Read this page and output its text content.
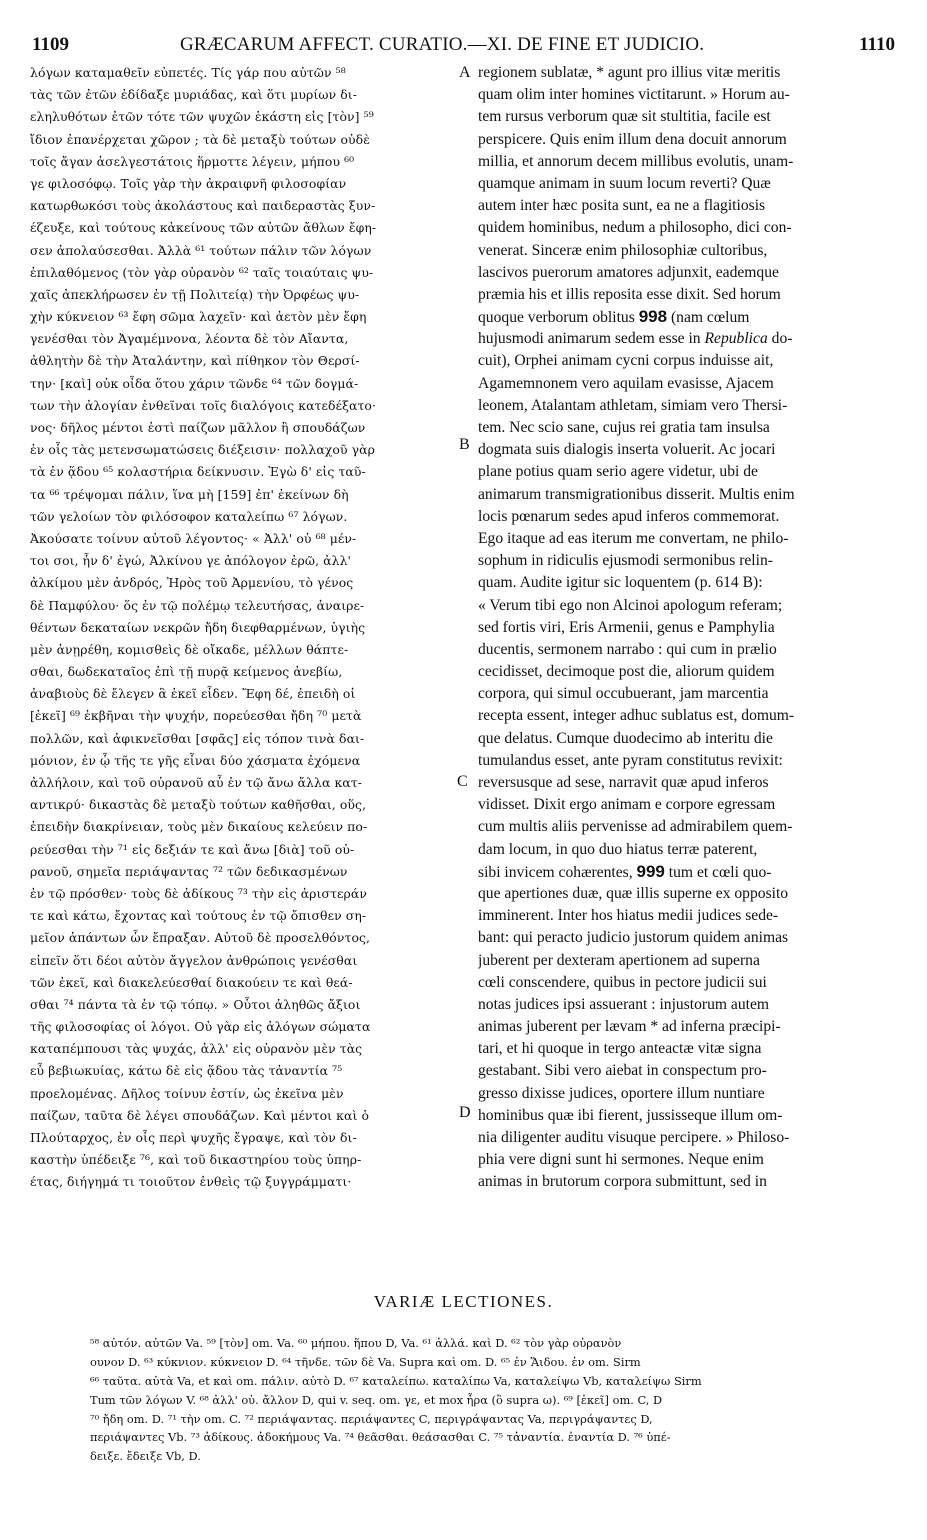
1109	GRÆCARUM AFFECT. CURATIO.—XI. DE FINE ET JUDICIO.	1110
λόγων καταμαθεῖν εὐπετές. Τίς γάρ που αὐτῶν ⁵⁸
τὰς τῶν ἐτῶν ἐδίδαξε μυριάδας, καὶ ὅτι μυρίων δι-
εληλυθότων ἐτῶν τότε τῶν ψυχῶν ἑκάστη εἰς [τὸν] ⁵⁹
ἴδιον ἐπανέρχεται χῶρον ; τὰ δὲ μεταξὺ τούτων οὐδὲ
τοῖς ἄγαν ἀσελγεστάτοις ἥρμοττε λέγειν, μήπου ⁶⁰
γε φιλοσόφῳ. Τοῖς γὰρ τὴν ἀκραιφνῆ φιλοσοφίαν
κατωρθωκόσι τοὺς ἀκολάστους καὶ παιδεραστὰς ξυν-
έζευξε, καὶ τούτους κἀκείνους τῶν αὐτῶν ἄθλων ἔφη-
σεν ἀπολαύσεσθαι. Ἀλλὰ ⁶¹ τούτων πάλιν τῶν λόγων
ἐπιλαθόμενος (τὸν γὰρ οὐρανὸν ⁶² ταῖς τοιαύταις ψυ-
χαῖς ἀπεκλήρωσεν ἐν τῇ Πολιτείᾳ) τὴν Ὀρφέως ψυ-
χὴν κύκνειον ⁶³ ἔφη σῶμα λαχεῖν· καὶ ἀετὸν μὲν ἔφη
γενέσθαι τὸν Ἀγαμέμνονα, λέοντα δὲ τὸν Αἴαντα,
ἀθλητὴν δὲ τὴν Ἀταλάντην, καὶ πίθηκον τὸν Θερσί-
την· [καὶ] οὐκ οἶδα ὅτου χάριν τῶνδε ⁶⁴ τῶν δογμά-
των τὴν ἀλογίαν ἐνθεῖναι τοῖς διαλόγοις κατεδέξατο·
νος· δῆλος μέντοι ἐστὶ παίζων μᾶλλον ἢ σπουδάζων
ἐν οἷς τὰς μετενσωματώσεις διέξεισιν· πολλαχοῦ γὰρ
τὰ ἐν ᾅδου ⁶⁵ κολαστήρια δείκνυσιν. Ἐγὼ δ' εἰς ταῦ-
τα ⁶⁶ τρέψομαι πάλιν, ἵνα μὴ [159] ἐπ' ἐκείνων δὴ
τῶν γελοίων τὸν φιλόσοφον καταλείπω ⁶⁷ λόγων.
Ἀκούσατε τοίνυν αὐτοῦ λέγοντος· « Ἀλλ' οὐ ⁶⁸ μέν-
τοι σοι, ἦν δ' ἐγώ, Ἀλκίνου γε ἀπόλογον ἐρῶ, ἀλλ'
ἀλκίμου μὲν ἀνδρός, Ἠρὸς τοῦ Ἀρμενίου, τὸ γένος
δὲ Παμφύλου· ὅς ἐν τῷ πολέμῳ τελευτήσας, ἀναιρε-
θέντων δεκαταίων νεκρῶν ἤδη διεφθαρμένων, ὑγιὴς
μὲν ἀνῃρέθη, κομισθεὶς δὲ οἴκαδε, μέλλων θάπτε-
σθαι, δωδεκαταῖος ἐπὶ τῇ πυρᾷ κείμενος ἀνεβίω,
ἀναβιοὺς δὲ ἔλεγεν ἃ ἐκεῖ εἶδεν. Ἔφη δέ, ἐπειδὴ οἱ
[ἐκεῖ] ⁶⁹ ἐκβῆναι τὴν ψυχήν, πορεύεσθαι ἤδη ⁷⁰ μετὰ
πολλῶν, καὶ ἀφικνεῖσθαι [σφᾶς] εἰς τόπον τινὰ δαι-
μόνιον, ἐν ᾧ τῆς τε γῆς εἶναι δύο χάσματα ἐχόμενα
ἀλλήλοιν, καὶ τοῦ οὐρανοῦ αὖ ἐν τῷ ἄνω ἄλλα κατ-
αντικρύ· δικαστὰς δὲ μεταξὺ τούτων καθῆσθαι, οὕς,
ἐπειδὴν διακρίνειαν, τοὺς μὲν δικαίους κελεύειν πο-
ρεύεσθαι τὴν ⁷¹ εἰς δεξιάν τε καὶ ἄνω [διὰ] τοῦ οὐ-
ρανοῦ, σημεῖα περιάψαντας ⁷² τῶν δεδικασμένων
ἐν τῷ πρόσθεν· τοὺς δὲ ἀδίκους ⁷³ τὴν εἰς ἀριστεράν
τε καὶ κάτω, ἔχοντας καὶ τούτους ἐν τῷ ὄπισθεν ση-
μεῖον ἁπάντων ὧν ἔπραξαν. Αὐτοῦ δὲ προσελθόντος,
εἰπεῖν ὅτι δέοι αὐτὸν ἄγγελον ἀνθρώποις γενέσθαι
τῶν ἐκεῖ, καὶ διακελεύεσθαί διακούειν τε καὶ θεά-
σθαι ⁷⁴ πάντα τὰ ἐν τῷ τόπῳ. » Οὗτοι ἀληθῶς ἄξιοι
τῆς φιλοσοφίας οἱ λόγοι. Οὐ γὰρ εἰς ἀλόγων σώματα
καταπέμπουσι τὰς ψυχάς, ἀλλ' εἰς οὐρανὸν μὲν τὰς
εὖ βεβιωκυίας, κάτω δὲ εἰς ᾅδου τὰς τἀναντία ⁷⁵
προελομένας. Δῆλος τοίνυν ἐστίν, ὡς ἐκεῖνα μὲν
παίζων, ταῦτα δὲ λέγει σπουδάζων. Καὶ μέντοι καὶ ὁ
Πλούταρχος, ἐν οἷς περὶ ψυχῆς ἔγραψε, καὶ τὸν δι-
καστὴν ὑπέδειξε ⁷⁶, καὶ τοῦ δικαστηρίου τοὺς ὑπηρ-
έτας, διήγημά τι τοιοῦτον ἐνθεὶς τῷ ξυγγράμματι·
A
B
C
D
regionem sublatæ, * agunt pro illius vitæ meritis
quam olim inter homines victitarunt. » Horum au-
tem rursus verborum quæ sit stultitia, facile est
perspicere. Quis enim illum dena docuit annorum
millia, et annorum decem millibus evolutis, unam-
quamque animam in suum locum reverti? Quæ
autem inter hæc posita sunt, ea ne a flagitiosis
quidem hominibus, nedum a philosopho, dici con-
venerat. Sinceræ enim philosophiæ cultoribus,
lascivos puerorum amatores adjunxit, eademque
præmia his et illis reposita esse dixit. Sed horum
quoque verborum oblitus 998 (nam cœlum
hujusmodi animarum sedem esse in Republica do-
cuit), Orphei animam cycni corpus induisse ait,
Agamemnonem vero aquilam evasisse, Ajacem
leonem, Atalantam athletam, simiam vero Thersi-
tem. Nec scio sane, cujus rei gratia tam insulsa
dogmata suis dialogis inserta voluerit. Ac jocari
plane potius quam serio agere videtur, ubi de
animarum transmigrationibus disserit. Multis enim
locis pœnarum sedes apud inferos commemorat.
Ego itaque ad eas iterum me convertam, ne philo-
sophum in ridiculis ejusmodi sermonibus relin-
quam. Audite igitur sic loquentem (p. 614 B):
« Verum tibi ego non Alcinoi apologum referam;
sed fortis viri, Eris Armenii, genus e Pamphylia
ducentis, sermonem narrabo : qui cum in prælio
cecidisset, decimoque post die, aliorum quidem
corpora, qui simul occubuerant, jam marcentia
recepta essent, integer adhuc sublatus est, domum-
que delatus. Cumque duodecimo ab interitu die
tumulandus esset, ante pyram constitutus revixit:
reversusque ad sese, narravit quæ apud inferos
vidisset. Dixit ergo animam e corpore egressam
cum multis aliis pervenisse ad admirabilem quem-
dam locum, in quo duo hiatus terræ paterent,
sibi invicem cohærentes, 999 tum et cœli quo-
que apertiones duæ, quæ illis superne ex opposito
imminerent. Inter hos hiatus medii judices sede-
bant: qui peracto judicio justorum quidem animas
juberent per dexteram apertionem ad superna
cœli conscendere, quibus in pectore judicii sui
notas judices ipsi assuerant : injustorum autem
animas juberent per lævam * ad inferna præcipi-
tari, et hi quoque in tergo anteactæ vitæ signa
gestabant. Sibi vero aiebat in conspectum pro-
gresso dixisse judices, oportere illum nuntiare
hominibus quæ ibi fierent, jussisseque illum om-
nia diligenter auditu visuque percipere. » Philoso-
phia vere digni sunt hi sermones. Neque enim
animas in brutorum corpora submittunt, sed in
VARIÆ LECTIONES.
⁵⁸ αὐτόν. αὐτῶν Va. ⁵⁹ [τὸν] om. Va. ⁶⁰ μήπου. ἥπου D, Va. ⁶¹ ἀλλά. καὶ D. ⁶² τὸν γὰρ οὐρανὸν
ουνον D. ⁶³ κύκνιον. κύκνειον D. ⁶⁴ τῆνδε. τῶν δὲ Va. Supra καὶ om. D. ⁶⁵ ἐν Ἅιδου. ἐν om. Sirm
⁶⁶ ταῦτα. αὐτὰ Va, et καὶ om. πάλιν. αὐτὸ D. ⁶⁷ καταλείπω. καταλίπω Va, καταλείψω Vb, καταλείψω Sirm
Tum τῶν λόγων V. ⁶⁸ ἀλλ' οὐ. ἄλλον D, qui v. seq. om. γε, et mox ἦρα (ὃ supra ω). ⁶⁹ [ἐκεῖ] om. C, D
⁷⁰ ἤδη om. D. ⁷¹ τὴν om. C. ⁷² περιάψαντας. περιάψαντες C, περιγράψαντας Va, περιγράψαντες D,
περιάψαντες Vb. ⁷³ ἀδίκους. ἀδοκήμους Va. ⁷⁴ θεᾶσθαι. θεάσασθαι C. ⁷⁵ τἀναντία. ἐναντία D. ⁷⁶ ὑπέ-
δειξε. ἔδειξε Vb, D.
